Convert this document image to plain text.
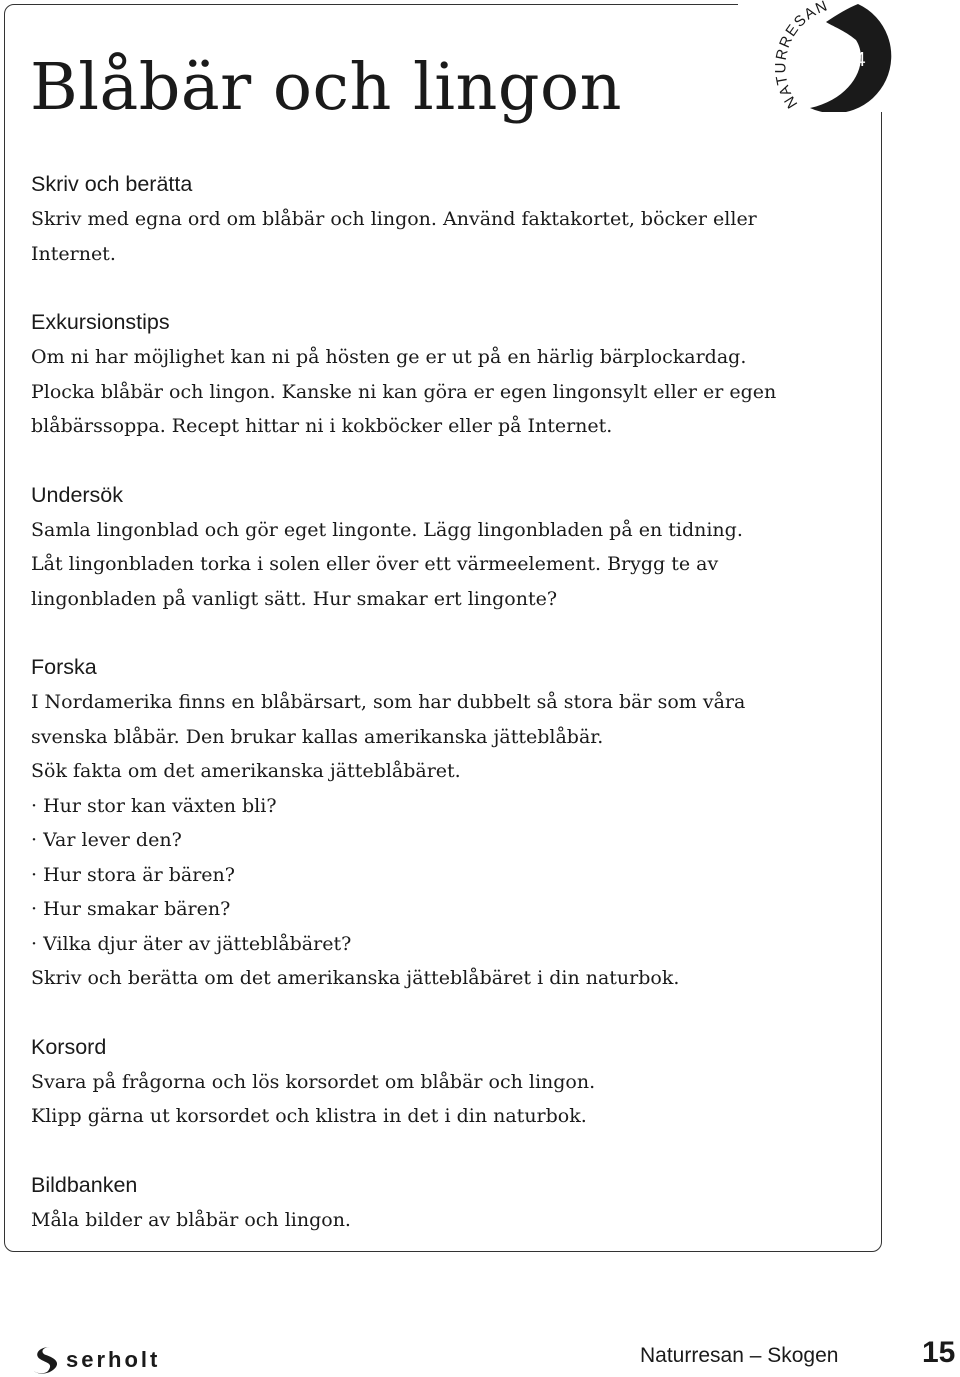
NATURRESAN
4
Blåbär och lingon
Skriv och berätta
Skriv med egna ord om blåbär och lingon. Använd faktakortet, böcker eller
Internet.
Exkursionstips
Om ni har möjlighet kan ni på hösten ge er ut på en härlig bärplockardag.
Plocka blåbär och lingon. Kanske ni kan göra er egen lingonsylt eller er egen
blåbärssoppa. Recept hittar ni i kokböcker eller på Internet.
Undersök
Samla lingonblad och gör eget lingonte. Lägg lingonbladen på en tidning.
Låt lingonbladen torka i solen eller över ett värmeelement. Brygg te av
lingonbladen på vanligt sätt. Hur smakar ert lingonte?
Forska
I Nordamerika finns en blåbärsart, som har dubbelt så stora bär som våra
svenska blåbär. Den brukar kallas amerikanska jätteblåbär.
Sök fakta om det amerikanska jätteblåbäret.
· Hur stor kan växten bli?
· Var lever den?
· Hur stora är bären?
· Hur smakar bären?
· Vilka djur äter av jätteblåbäret?
Skriv och berätta om det amerikanska jätteblåbäret i din naturbok.
Korsord
Svara på frågorna och lös korsordet om blåbär och lingon.
Klipp gärna ut korsordet och klistra in det i din naturbok.
Bildbanken
Måla bilder av blåbär och lingon.
serholt	Naturresan – Skogen	15
